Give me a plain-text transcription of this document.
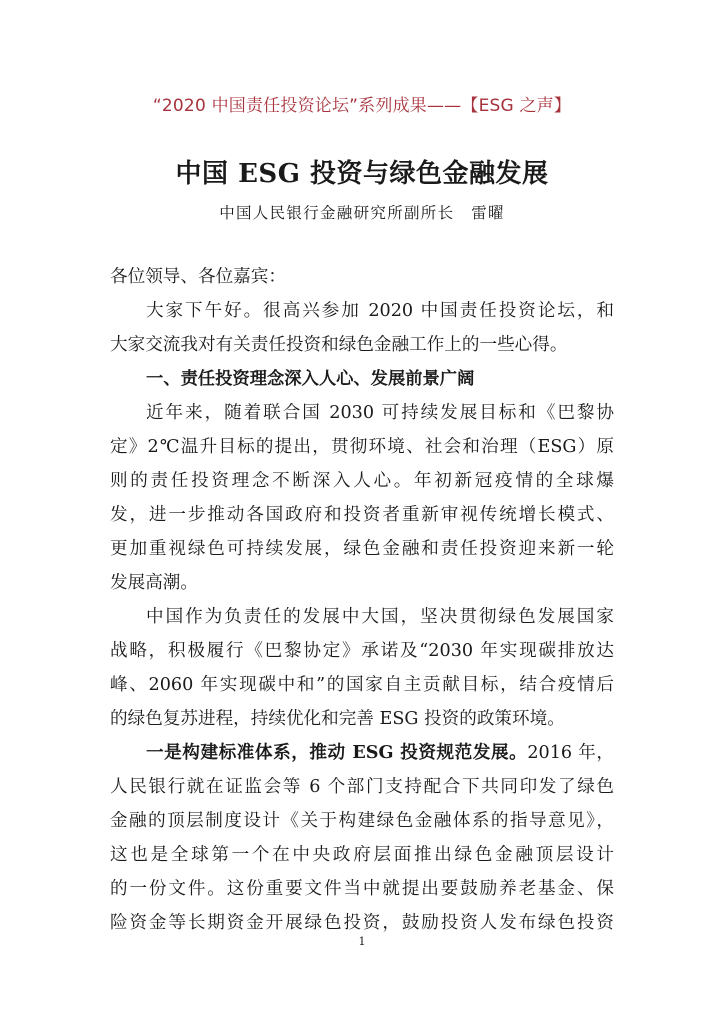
“2020 中国责任投资论坛”系列成果——【ESG 之声】
中国 ESG 投资与绿色金融发展
中国人民银行金融研究所副所长　雷曜
各位领导、各位嘉宾：
大家下午好。很高兴参加 2020 中国责任投资论坛，和
大家交流我对有关责任投资和绿色金融工作上的一些心得。
一、责任投资理念深入人心、发展前景广阔
近年来，随着联合国 2030 可持续发展目标和《巴黎协
定》2℃温升目标的提出，贯彻环境、社会和治理（ESG）原
则的责任投资理念不断深入人心。年初新冠疫情的全球爆
发，进一步推动各国政府和投资者重新审视传统增长模式、
更加重视绿色可持续发展，绿色金融和责任投资迎来新一轮
发展高潮。
中国作为负责任的发展中大国，坚决贯彻绿色发展国家
战略，积极履行《巴黎协定》承诺及“2030 年实现碳排放达
峰、2060 年实现碳中和”的国家自主贡献目标，结合疫情后
的绿色复苏进程，持续优化和完善 ESG 投资的政策环境。
一是构建标准体系，推动 ESG 投资规范发展。2016 年，
人民银行就在证监会等 6 个部门支持配合下共同印发了绿色
金融的顶层制度设计《关于构建绿色金融体系的指导意见》，
这也是全球第一个在中央政府层面推出绿色金融顶层设计
的一份文件。这份重要文件当中就提出要鼓励养老基金、保
险资金等长期资金开展绿色投资，鼓励投资人发布绿色投资
1
